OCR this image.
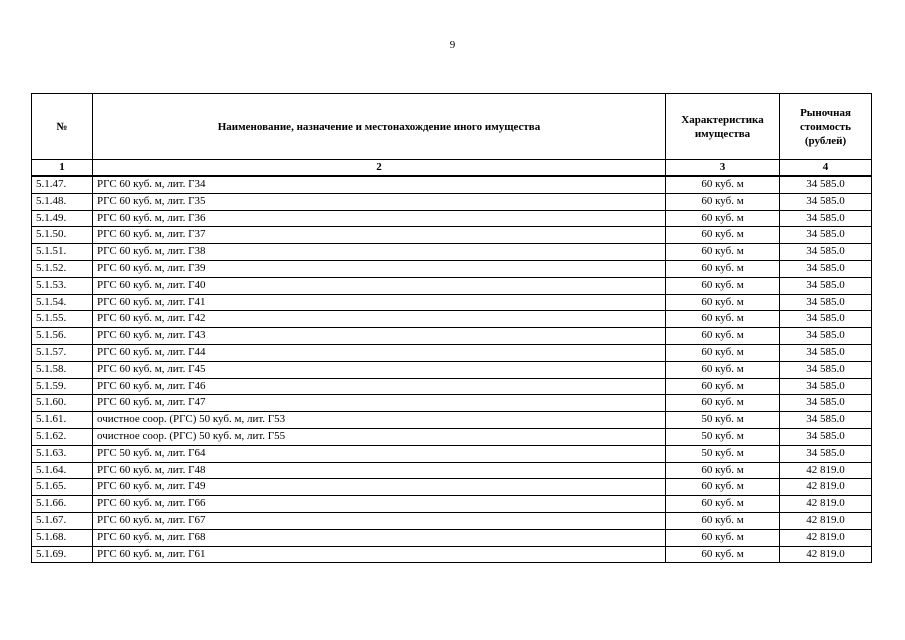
9
№	Наименование, назначение и местонахождение иного имущества	Характеристика имущества	Рыночная стоимость (рублей)
1	2	3	4
5.1.47.	РГС 60 куб. м, лит. Г34	60 куб. м	34 585.0
5.1.48.	РГС 60 куб. м, лит. Г35	60 куб. м	34 585.0
5.1.49.	РГС 60 куб. м, лит. Г36	60 куб. м	34 585.0
5.1.50.	РГС 60 куб. м, лит. Г37	60 куб. м	34 585.0
5.1.51.	РГС 60 куб. м, лит. Г38	60 куб. м	34 585.0
5.1.52.	РГС 60 куб. м, лит. Г39	60 куб. м	34 585.0
5.1.53.	РГС 60 куб. м, лит. Г40	60 куб. м	34 585.0
5.1.54.	РГС 60 куб. м, лит. Г41	60 куб. м	34 585.0
5.1.55.	РГС 60 куб. м, лит. Г42	60 куб. м	34 585.0
5.1.56.	РГС 60 куб. м, лит. Г43	60 куб. м	34 585.0
5.1.57.	РГС 60 куб. м, лит. Г44	60 куб. м	34 585.0
5.1.58.	РГС 60 куб. м, лит. Г45	60 куб. м	34 585.0
5.1.59.	РГС 60 куб. м, лит. Г46	60 куб. м	34 585.0
5.1.60.	РГС 60 куб. м, лит. Г47	60 куб. м	34 585.0
5.1.61.	очистное соор. (РГС) 50 куб. м, лит. Г53	50 куб. м	34 585.0
5.1.62.	очистное соор. (РГС) 50 куб. м, лит. Г55	50 куб. м	34 585.0
5.1.63.	РГС 50 куб. м, лит. Г64	50 куб. м	34 585.0
5.1.64.	РГС 60 куб. м, лит. Г48	60 куб. м	42 819.0
5.1.65.	РГС 60 куб. м, лит. Г49	60 куб. м	42 819.0
5.1.66.	РГС 60 куб. м, лит. Г66	60 куб. м	42 819.0
5.1.67.	РГС 60 куб. м, лит. Г67	60 куб. м	42 819.0
5.1.68.	РГС 60 куб. м, лит. Г68	60 куб. м	42 819.0
5.1.69.	РГС 60 куб. м, лит. Г61	60 куб. м	42 819.0
